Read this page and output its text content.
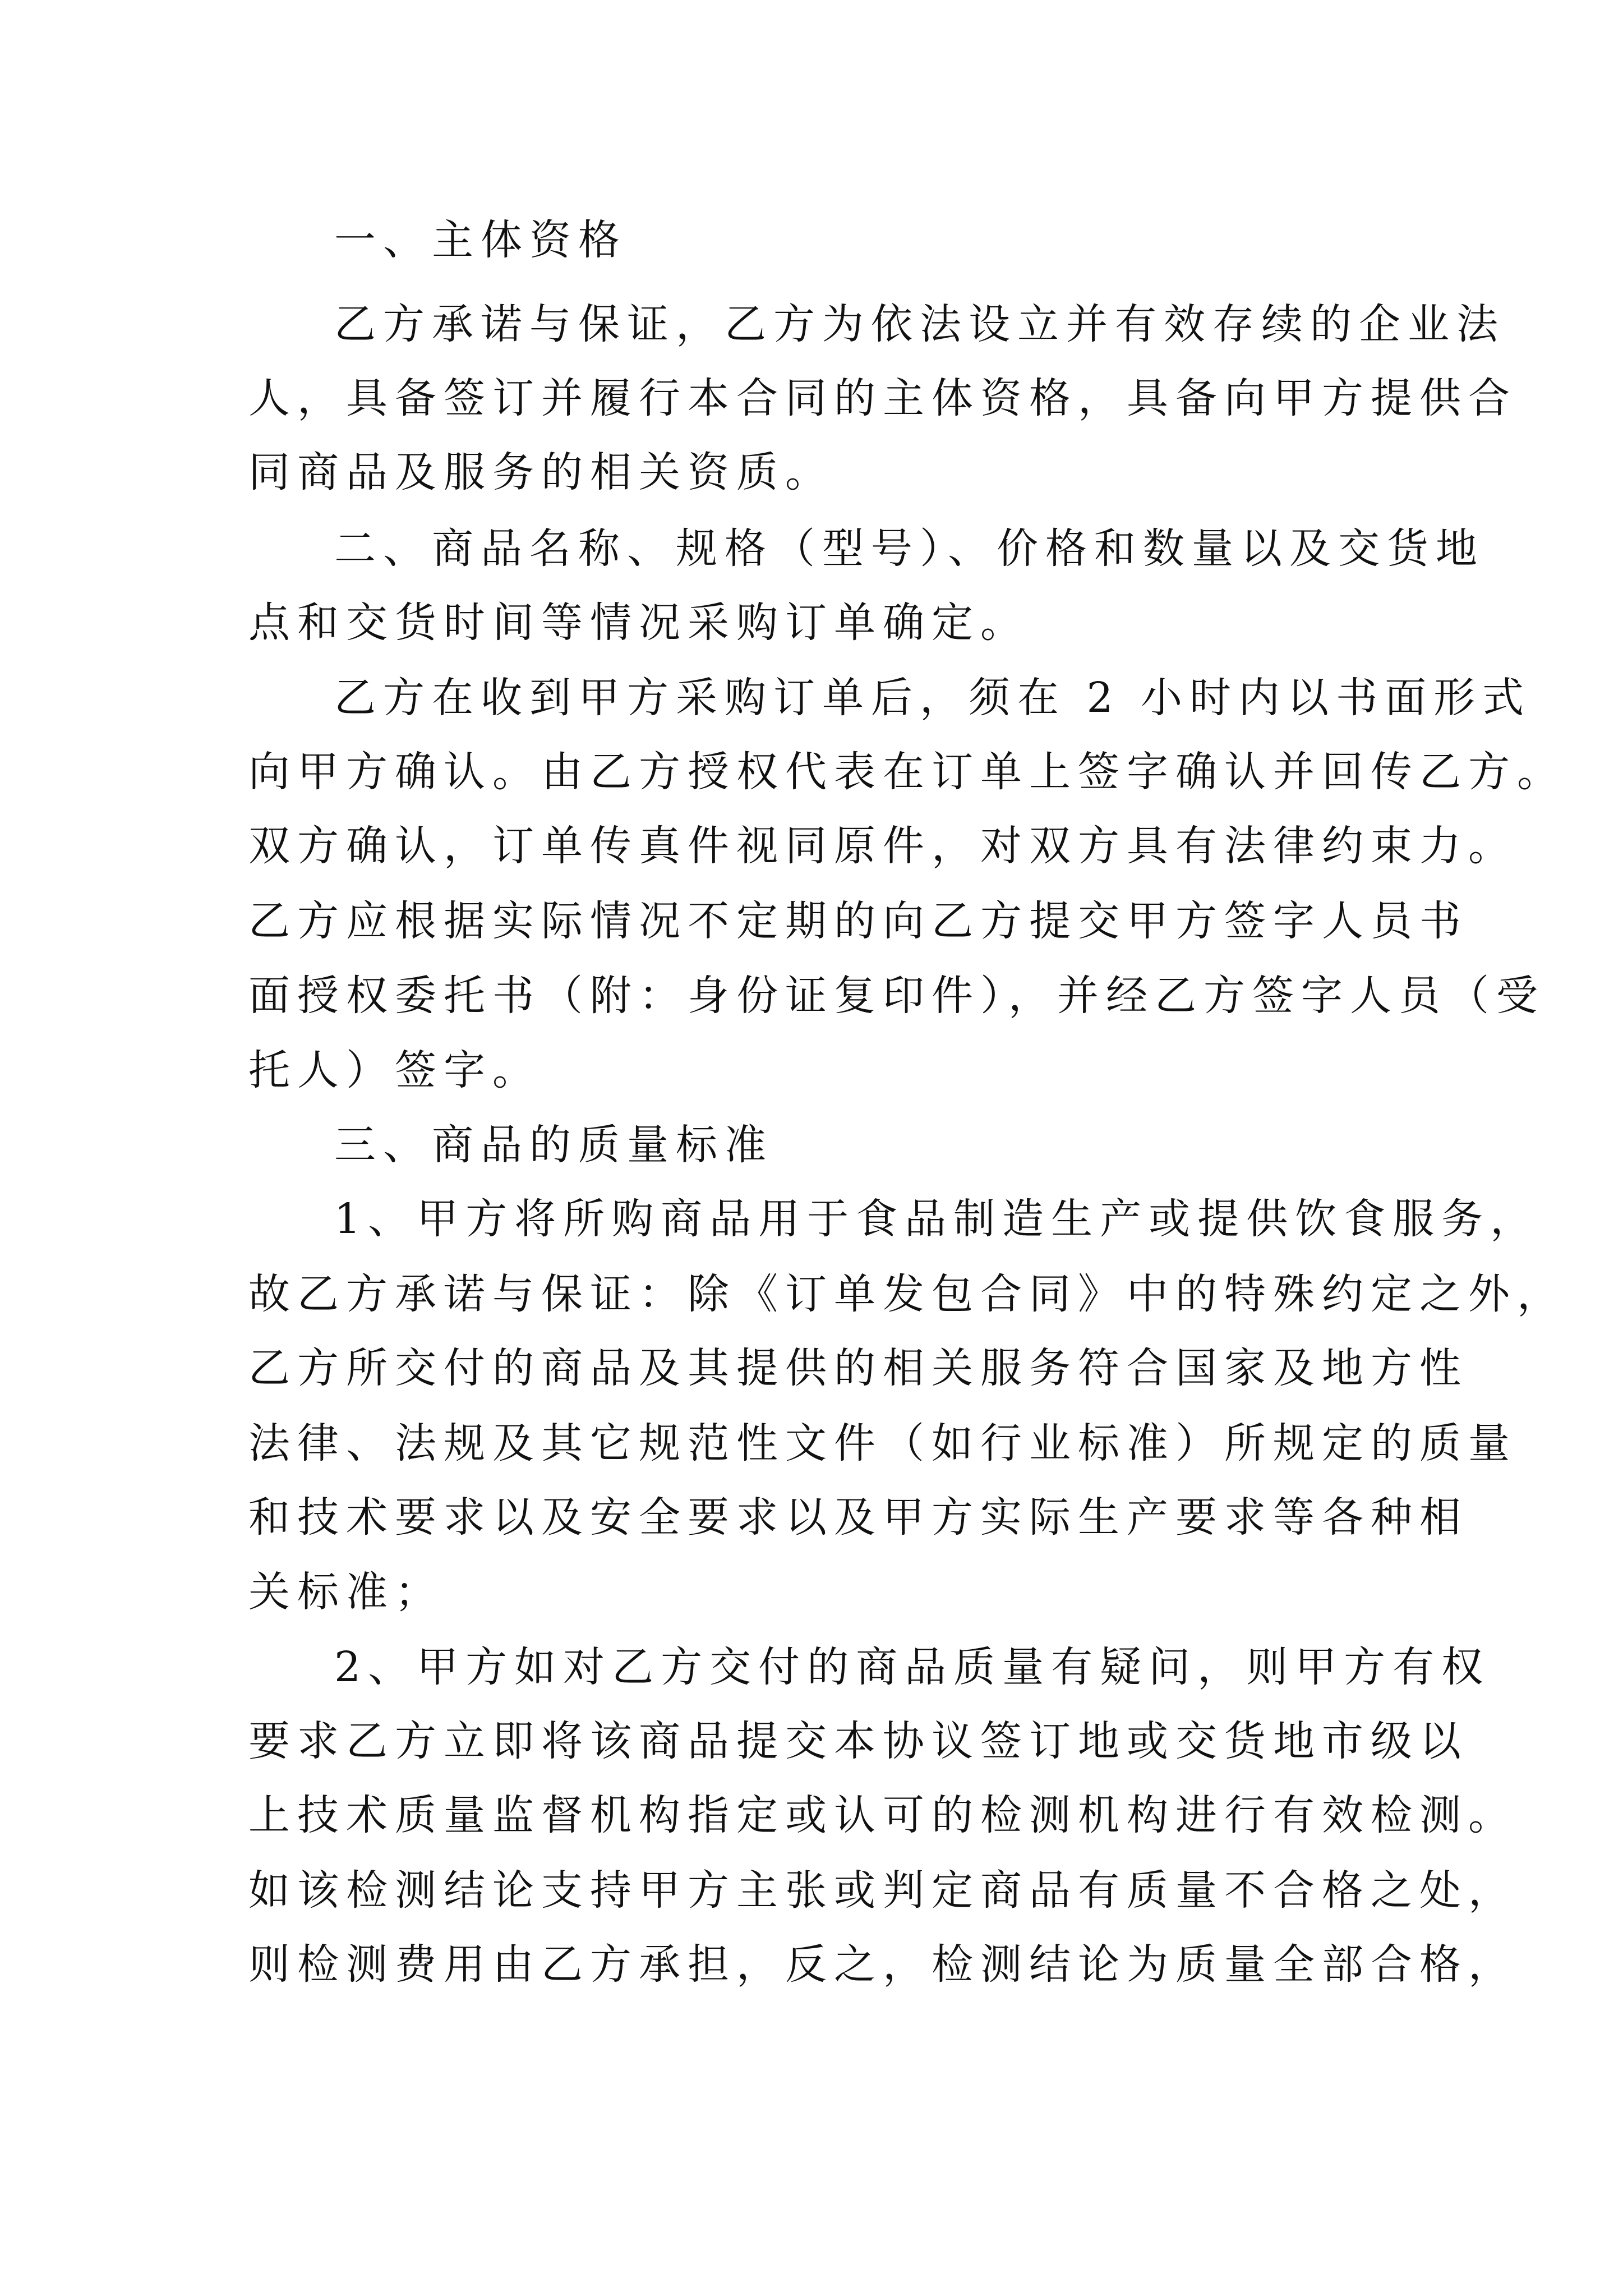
一、主体资格

乙方承诺与保证，乙方为依法设立并有效存续的企业法

人，具备签订并履行本合同的主体资格，具备向甲方提供合

同商品及服务的相关资质。

二、商品名称、规格（型号）、价格和数量以及交货地

点和交货时间等情况采购订单确定。

乙方在收到甲方采购订单后，须在 2 小时内以书面形式

向甲方确认。由乙方授权代表在订单上签字确认并回传乙方。

双方确认，订单传真件视同原件，对双方具有法律约束力。

乙方应根据实际情况不定期的向乙方提交甲方签字人员书

面授权委托书（附：身份证复印件），并经乙方签字人员（受

托人）签字。

三、商品的质量标准

1、甲方将所购商品用于食品制造生产或提供饮食服务，

故乙方承诺与保证：除《订单发包合同》中的特殊约定之外，

乙方所交付的商品及其提供的相关服务符合国家及地方性

法律、法规及其它规范性文件（如行业标准）所规定的质量

和技术要求以及安全要求以及甲方实际生产要求等各种相

关标准；

2、甲方如对乙方交付的商品质量有疑问，则甲方有权

要求乙方立即将该商品提交本协议签订地或交货地市级以

上技术质量监督机构指定或认可的检测机构进行有效检测。

如该检测结论支持甲方主张或判定商品有质量不合格之处，

则检测费用由乙方承担，反之，检测结论为质量全部合格，
